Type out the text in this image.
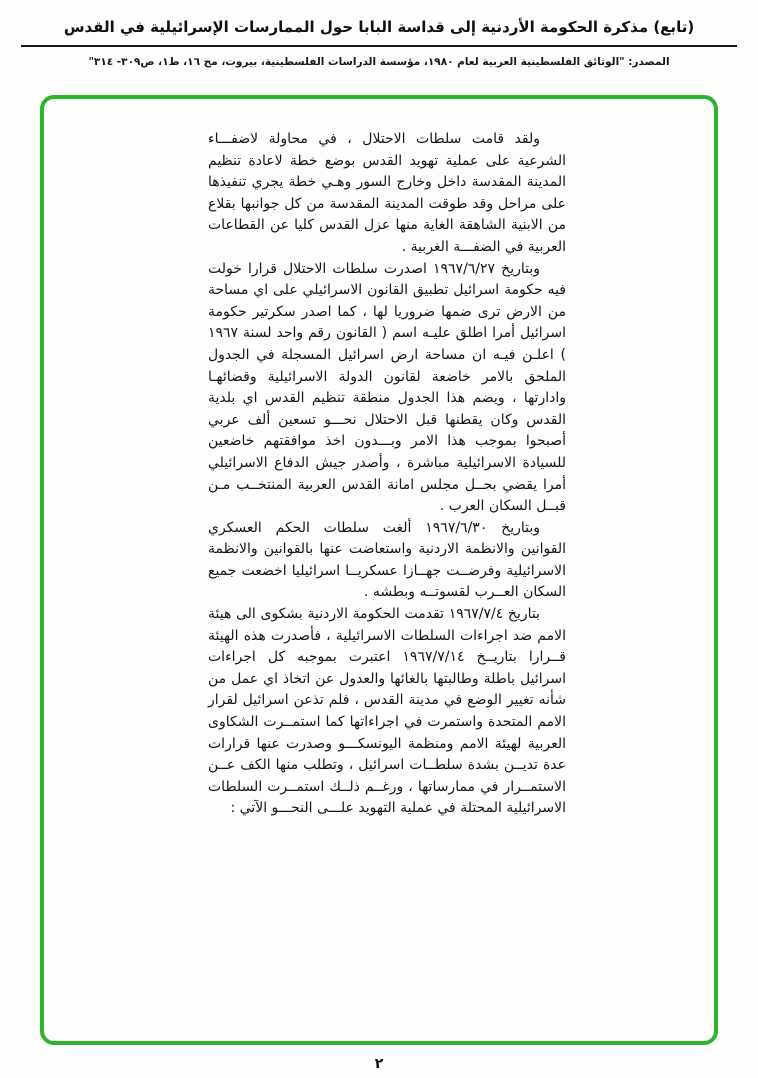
(تابع) مذكرة الحكومة الأردنية إلى قداسة البابا حول الممارسات الإسرائيلية في القدس
المصدر: "الوثائق الفلسطينية العربية لعام ١٩٨٠، مؤسسة الدراسات الفلسطينية، بيروت، مج ١٦، ط١، ص٣٠٩- ٣١٤"

ولقد قامت سلطات الاحتلال ، في محاولة لاضفـــاء الشرعية على عملية تهويد القدس بوضع خطة لاعادة تنظيم المدينة المقدسة داخل وخارج السور وهـي خطة يجري تنفيذها على مراحل وقد طوقت المدينة المقدسة من كل جوانبها بقلاع من الابنية الشاهقة الغاية منها عزل القدس كليا عن القطاعات العربية في الضفـــة الغربية .

وبتاريخ ١٩٦٧/٦/٢٧ اصدرت سلطات الاحتلال قرارا خولت فيه حكومة اسرائيل تطبيق القانون الاسرائيلي على اي مساحة من الارض ترى ضمها ضروريا لها ، كما اصدر سكرتير حكومة اسرائيل أمرا اطلق عليـه اسم ( القانون رقم واحد لسنة ١٩٦٧ ) اعلـن فيـه ان مساحة ارض اسرائيل المسجلة في الجدول الملحق بالامر خاضعة لقانون الدولة الاسرائيلية وقضائهـا وادارتها ، ويضم هذا الجدول منطقة تنظيم القدس اي بلدية القدس وكان يقطنها قبل الاحتلال نحـــو تسعين ألف عربي أصبحوا بموجب هذا الامر وبـــدون اخذ موافقتهم خاضعين للسيادة الاسرائيلية مباشرة ، وأصدر جيش الدفاع الاسرائيلي أمرا يقضي بحــل مجلس امانة القدس العربية المنتخــب مـن قبــل السكان العرب .

وبتاريخ ١٩٦٧/٦/٣٠ ألغت سلطات الحكم العسكري القوانين والانظمة الاردنية واستعاضت عنها بالقوانين والانظمة الاسرائيلية وفرضــت جهــازا عسكريــا اسرائيليا اخضعت جميع السكان العــرب لقسوتــه وبطشه .

بتاريخ ١٩٦٧/٧/٤ تقدمت الحكومة الاردنية بشكوى الى هيئة الامم ضد اجراءات السلطات الاسرائيلية ، فأصدرت هذه الهيئة قــرارا بتاريــخ ١٩٦٧/٧/١٤ اعتبرت بموجبه كل اجراءات اسرائيل باطلة وطالبتها بالغائها والعدول عن اتخاذ اي عمل من شأنه تغيير الوضع في مدينة القدس ، فلم تذعن اسرائيل لقرار الامم المتحدة واستمرت في اجراءاتها كما استمــرت الشكاوى العربية لهيئة الامم ومنظمة اليونسكـــو وصدرت عنها قرارات عدة تديــن بشدة سلطــات اسرائيل ، وتطلب منها الكف عــن الاستمــرار في ممارساتها ، ورغــم ذلــك استمــرت السلطات الاسرائيلية المحتلة في عملية التهويد علـــى النحـــو الآتي :

٢
